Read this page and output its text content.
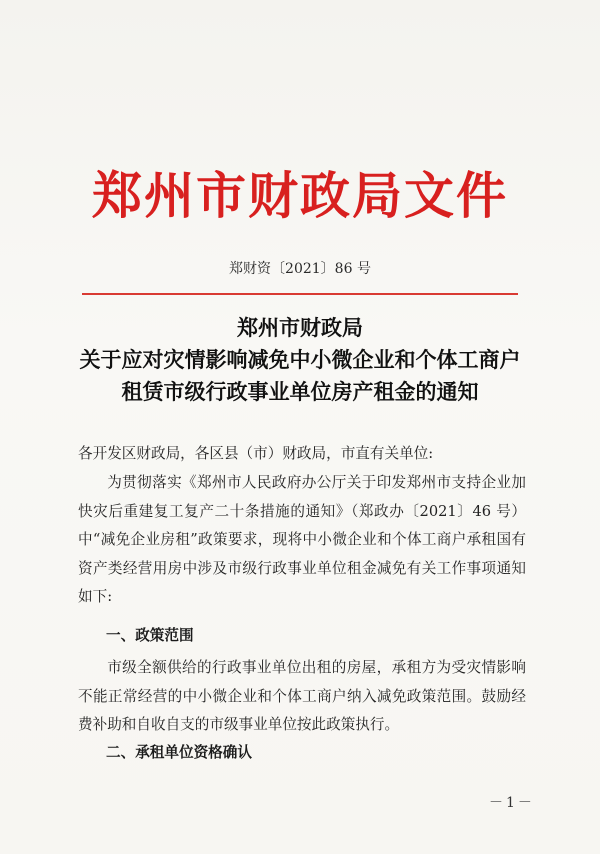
郑州市财政局文件
郑财资〔2021〕86 号
郑州市财政局
关于应对灾情影响减免中小微企业和个体工商户
租赁市级行政事业单位房产租金的通知
各开发区财政局，各区县（市）财政局，市直有关单位:
为贯彻落实《郑州市人民政府办公厅关于印发郑州市支持企业加快灾后重建复工复产二十条措施的通知》（郑政办〔2021〕46 号）中“减免企业房租”政策要求，现将中小微企业和个体工商户承租国有资产类经营用房中涉及市级行政事业单位租金减免有关工作事项通知如下:
一、政策范围
市级全额供给的行政事业单位出租的房屋，承租方为受灾情影响不能正常经营的中小微企业和个体工商户纳入减免政策范围。鼓励经费补助和自收自支的市级事业单位按此政策执行。
二、承租单位资格确认
－1－
